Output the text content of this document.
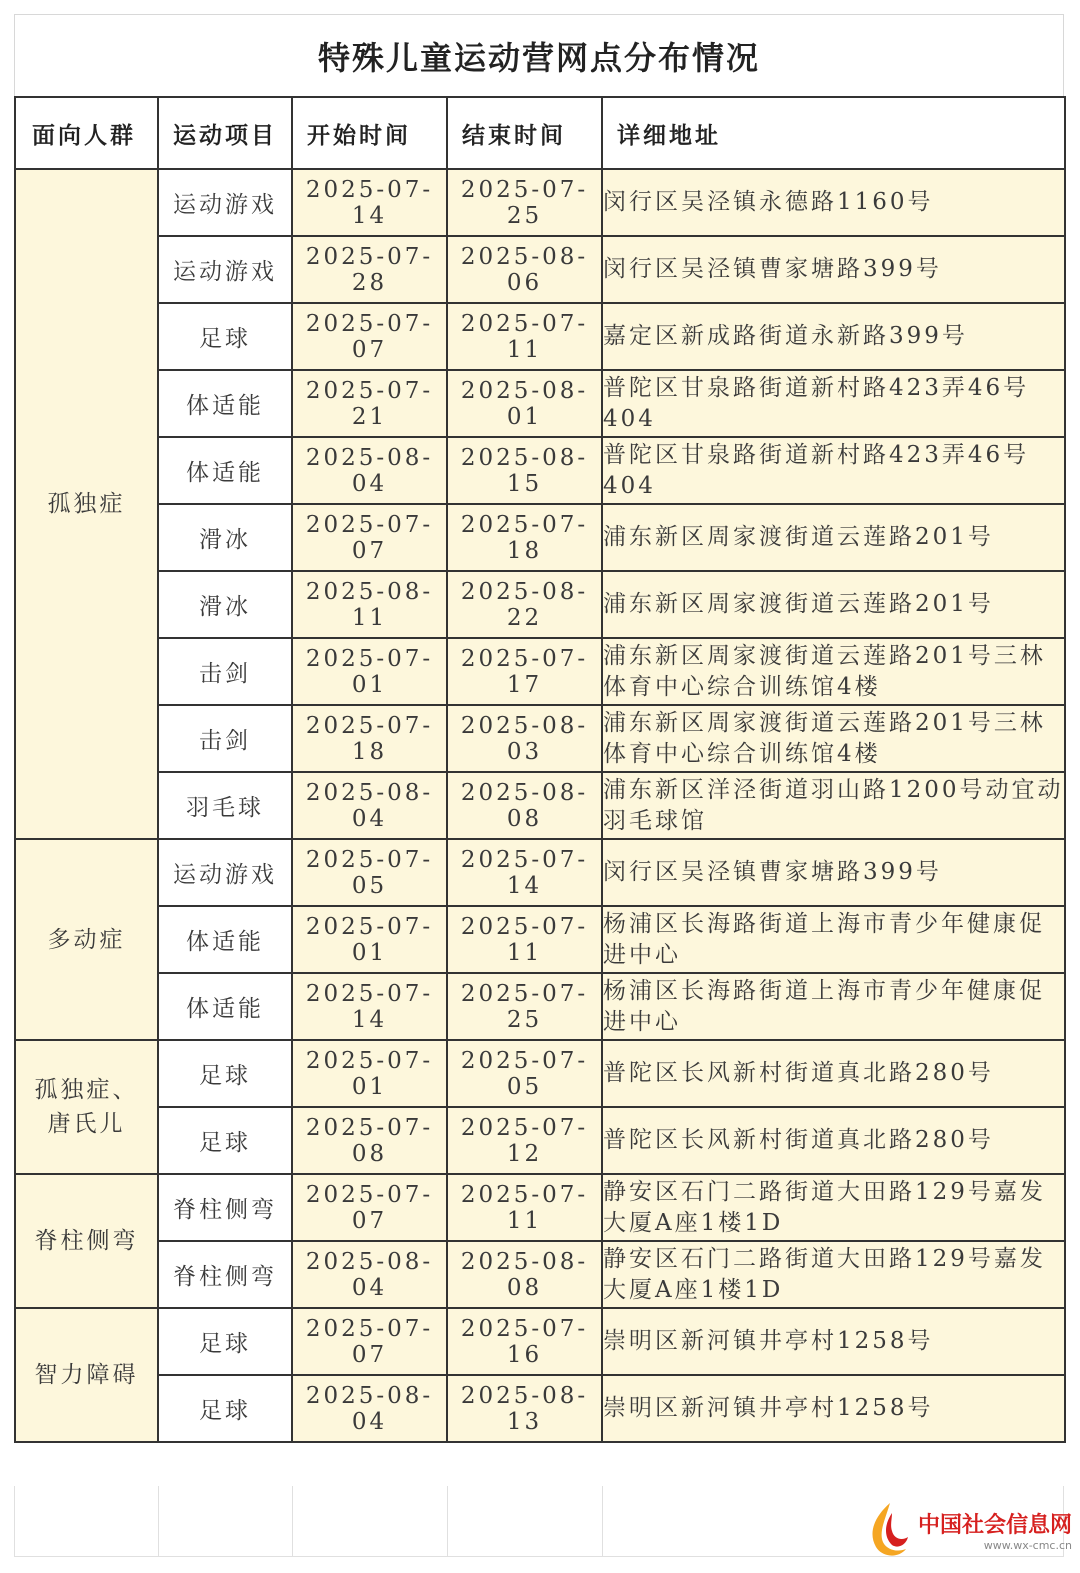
特殊儿童运动营网点分布情况
面向人群	运动项目	开始时间	结束时间	详细地址
孤独症	运动游戏	2025-07-14	2025-07-25	闵行区吴泾镇永德路1160号
	运动游戏	2025-07-28	2025-08-06	闵行区吴泾镇曹家塘路399号
	足球	2025-07-07	2025-07-11	嘉定区新成路街道永新路399号
	体适能	2025-07-21	2025-08-01	普陀区甘泉路街道新村路423弄46号404
	体适能	2025-08-04	2025-08-15	普陀区甘泉路街道新村路423弄46号404
	滑冰	2025-07-07	2025-07-18	浦东新区周家渡街道云莲路201号
	滑冰	2025-08-11	2025-08-22	浦东新区周家渡街道云莲路201号
	击剑	2025-07-01	2025-07-17	浦东新区周家渡街道云莲路201号三林体育中心综合训练馆4楼
	击剑	2025-07-18	2025-08-03	浦东新区周家渡街道云莲路201号三林体育中心综合训练馆4楼
	羽毛球	2025-08-04	2025-08-08	浦东新区洋泾街道羽山路1200号动宜动羽毛球馆
多动症	运动游戏	2025-07-05	2025-07-14	闵行区吴泾镇曹家塘路399号
	体适能	2025-07-01	2025-07-11	杨浦区长海路街道上海市青少年健康促进中心
	体适能	2025-07-14	2025-07-25	杨浦区长海路街道上海市青少年健康促进中心
孤独症、唐氏儿	足球	2025-07-01	2025-07-05	普陀区长风新村街道真北路280号
	足球	2025-07-08	2025-07-12	普陀区长风新村街道真北路280号
脊柱侧弯	脊柱侧弯	2025-07-07	2025-07-11	静安区石门二路街道大田路129号嘉发大厦A座1楼1D
	脊柱侧弯	2025-08-04	2025-08-08	静安区石门二路街道大田路129号嘉发大厦A座1楼1D
智力障碍	足球	2025-07-07	2025-07-16	崇明区新河镇井亭村1258号
	足球	2025-08-04	2025-08-13	崇明区新河镇井亭村1258号
中国社会信息网
www.wx-cmc.cn
